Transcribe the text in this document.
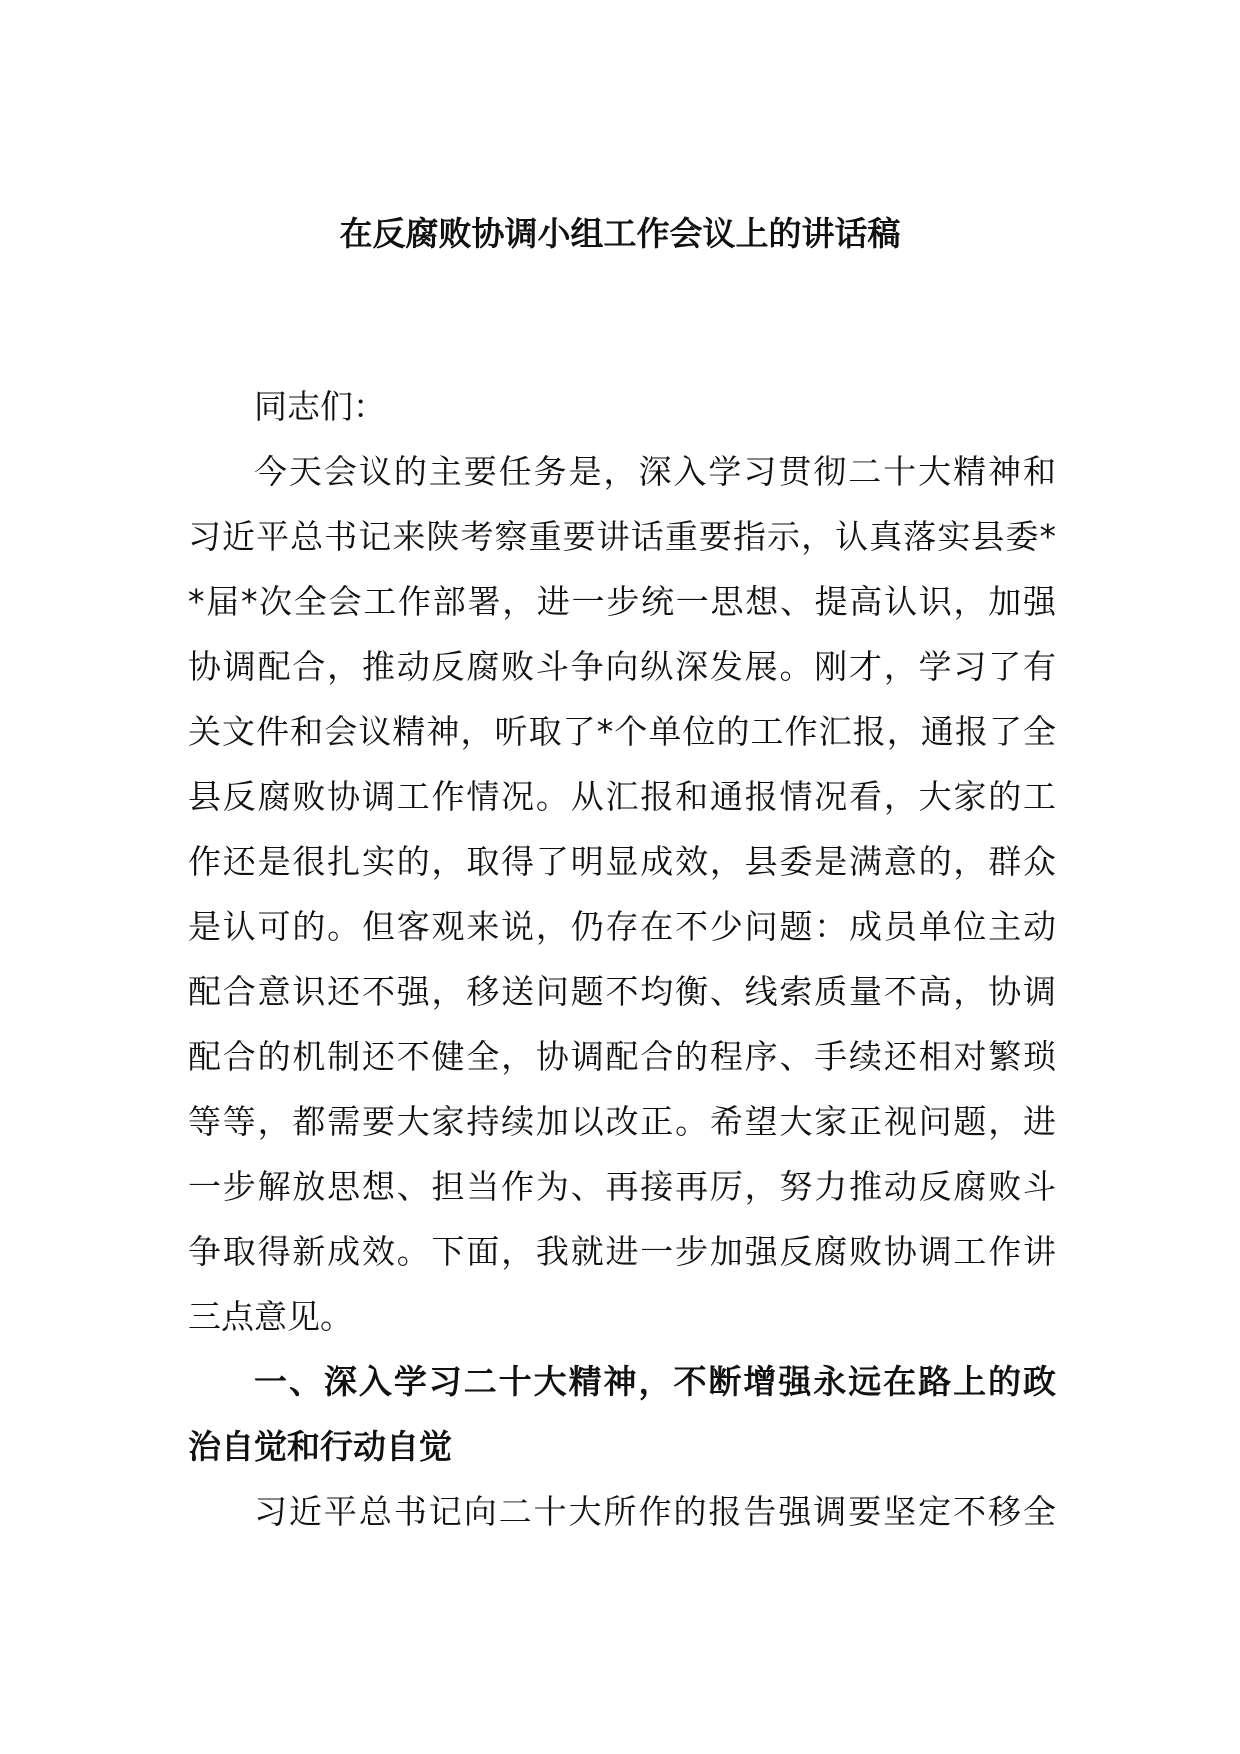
在反腐败协调小组工作会议上的讲话稿

同志们：

今天会议的主要任务是，深入学习贯彻二十大精神和
习近平总书记来陕考察重要讲话重要指示，认真落实县委*
*届*次全会工作部署，进一步统一思想、提高认识，加强
协调配合，推动反腐败斗争向纵深发展。刚才，学习了有
关文件和会议精神，听取了*个单位的工作汇报，通报了全
县反腐败协调工作情况。从汇报和通报情况看，大家的工
作还是很扎实的，取得了明显成效，县委是满意的，群众
是认可的。但客观来说，仍存在不少问题：成员单位主动
配合意识还不强，移送问题不均衡、线索质量不高，协调
配合的机制还不健全，协调配合的程序、手续还相对繁琐
等等，都需要大家持续加以改正。希望大家正视问题，进
一步解放思想、担当作为、再接再厉，努力推动反腐败斗
争取得新成效。下面，我就进一步加强反腐败协调工作讲
三点意见。

一、深入学习二十大精神，不断增强永远在路上的政
治自觉和行动自觉

习近平总书记向二十大所作的报告强调要坚定不移全
